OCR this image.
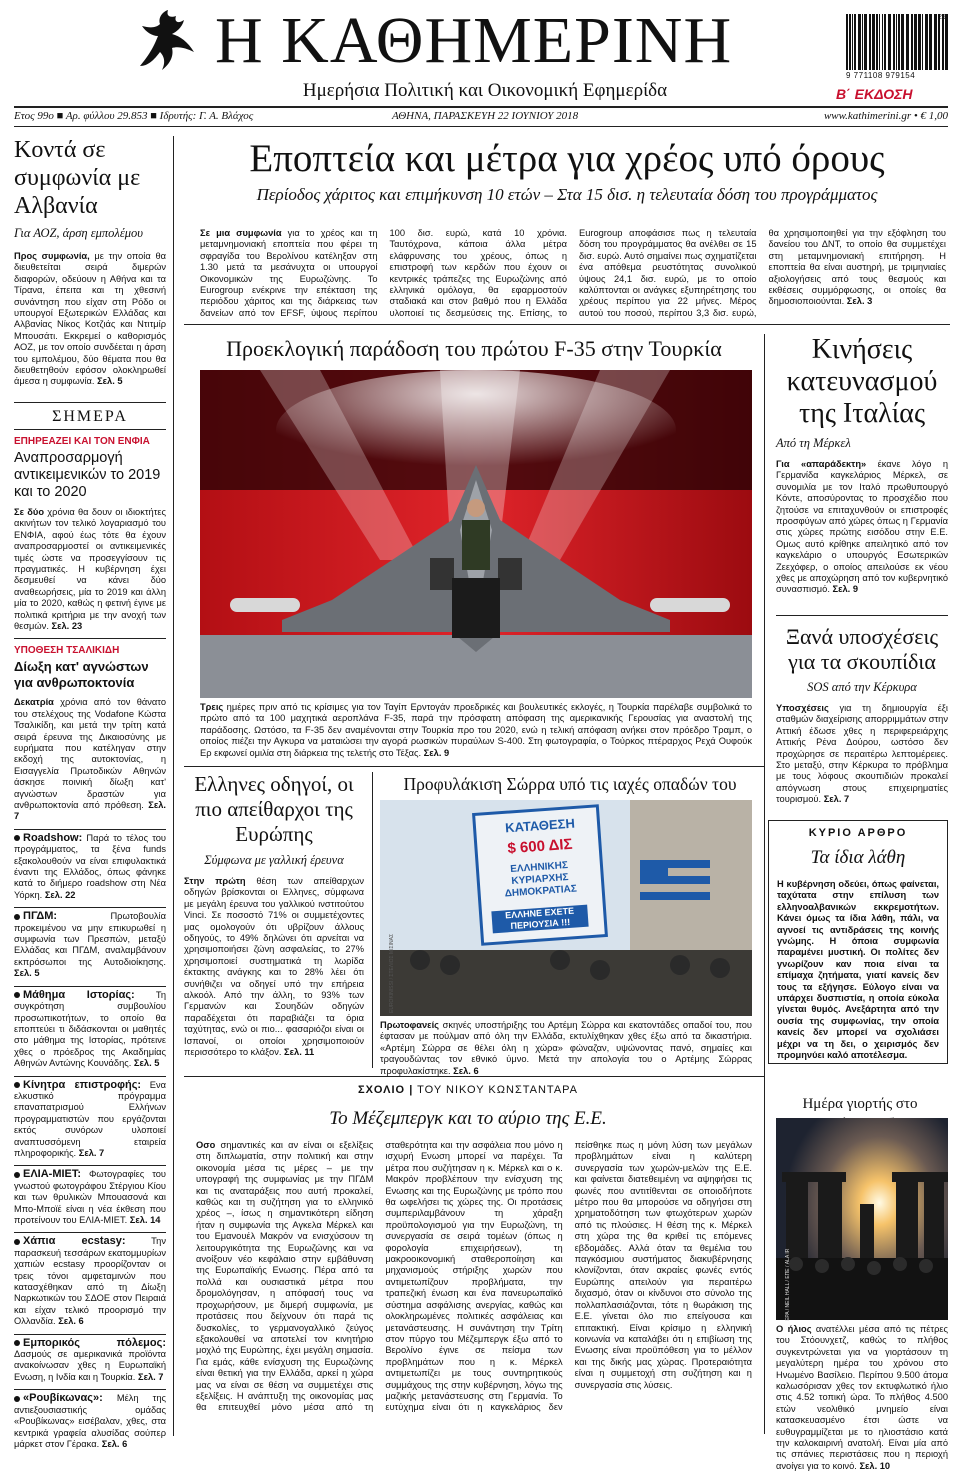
Η ΚΑΘΗΜΕΡΙΝΗ
Ημερήσια Πολιτική και Οικονομική Εφημερίδα
25
9 771108 979154
Β΄ ΕΚΔΟΣΗ
Ετος 99ο ■ Αρ. φύλλου 29.853 ■ Ιδρυτής: Γ. Α. Βλάχος	ΑΘΗΝΑ, ΠΑΡΑΣΚΕΥΗ 22 ΙΟΥΝΙΟΥ 2018	www.kathimerini.gr • € 1,00
Κοντά σε συμφωνία με Αλβανία
Για ΑΟΖ, άρση εμπολέμου
Προς συμφωνία, με την οποία θα διευθετείται σειρά διμερών διαφορών, οδεύουν η Αθήνα και τα Τίρανα, έπειτα και τη χθεσινή συνάντηση που είχαν στη Ρόδο οι υπουργοί Εξωτερικών Ελλάδας και Αλβανίας Νίκος Κοτζιάς και Ντιτμίρ Μπουσάτι. Εκκρεμεί ο καθορισμός ΑΟΖ, με τον οποίο συνδέεται η άρση του εμπολέμου, δύο θέματα που θα διευθετηθούν εφόσον ολοκληρωθεί άμεσα η συμφωνία. Σελ. 5
ΣΗΜΕΡΑ
ΕΠΗΡΕΑΖΕΙ ΚΑΙ ΤΟΝ ΕΝΦΙΑ
Αναπροσαρμογή αντικειμενικών το 2019 και το 2020
Σε δύο χρόνια θα δουν οι ιδιοκτήτες ακινήτων τον τελικό λογαριασμό του ΕΝΦΙΑ, αφού έως τότε θα έχουν αναπροσαρμοστεί οι αντικειμενικές τιμές ώστε να προσεγγίσουν τις πραγματικές. Η κυβέρνηση έχει δεσμευθεί να κάνει δύο αναθεωρήσεις, μία το 2019 και άλλη μία το 2020, καθώς η φετινή έγινε με πολιτικά κριτήρια με την ανοχή των θεσμών. Σελ. 23
ΥΠΟΘΕΣΗ ΤΣΑΛΙΚΙΔΗ
Δίωξη κατ' αγνώστων για ανθρωποκτονία
Δεκατρία χρόνια από τον θάνατο του στελέχους της Vodafone Κώστα Τσαλικίδη, και μετά την τρίτη κατά σειρά έρευνα της Δικαιοσύνης με ευρήματα που κατέληγαν στην εκδοχή της αυτοκτονίας, η Εισαγγελία Πρωτοδικών Αθηνών άσκησε ποινική δίωξη κατ' αγνώστων δραστών για ανθρωποκτονία από πρόθεση. Σελ. 7
Roadshow: Παρά το τέλος του προγράμματος, τα ξένα funds εξακολουθούν να είναι επιφυλακτικά έναντι της Ελλάδος, όπως φάνηκε κατά το διήμερο roadshow στη Νέα Υόρκη. Σελ. 22
ΠΓΔΜ: Πρωτοβουλία προκειμένου να μην επικυρωθεί η συμφωνία των Πρεσπών, μεταξύ Ελλάδας και ΠΓΔΜ, αναλαμβάνουν εκπρόσωποι της Αυτοδιοίκησης. Σελ. 5
Μάθημα Ιστορίας: Τη συγκρότηση συμβουλίου προσωπικοτήτων, το οποίο θα εποπτεύει τι διδάσκονται οι μαθητές στο μάθημα της Ιστορίας, πρότεινε χθες ο πρόεδρος της Ακαδημίας Αθηνών Αντώνης Κουνάδης. Σελ. 5
Κίνητρα επιστροφής: Ενα ελκυστικό πρόγραμμα επαναπατρισμού Ελλήνων προγραμματιστών που εργάζονται εκτός συνόρων υλοποιεί αναπτυσσόμενη εταιρεία πληροφορικής. Σελ. 7
ΕΛΙΑ-ΜΙΕΤ: Φωτογραφίες του γνωστού φωτογράφου Στέργιου Κίου και των θρυλικών Μπουασονά και Μπο-Μποϊέ είναι η νέα έκθεση που προτείνουν του ΕΛΙΑ-ΜΙΕΤ. Σελ. 14
Χάπια ecstasy: Την παρασκευή τεσσάρων εκατομμυρίων χαπιών ecstasy προορίζονταν οι τρεις τόνοι αμφεταμινών που κατασχέθηκαν από τη Δίωξη Ναρκωτικών του ΣΔΟΕ στον Πειραιά και είχαν τελικό προορισμό την Ολλανδία. Σελ. 6
Εμπορικός πόλεμος: Δασμούς σε αμερικανικά προϊόντα ανακοίνωσαν χθες η Ευρωπαϊκή Ενωση, η Ινδία και η Τουρκία. Σελ. 7
«Ρουβίκωνας»: Μέλη της αντιεξουσιαστικής ομάδας «Ρουβίκωνας» εισέβαλαν, χθες, στα κεντρικά γραφεία αλυσίδας σούπερ μάρκετ στον Γέρακα. Σελ. 6
Εποπτεία και μέτρα για χρέος υπό όρους
Περίοδος χάριτος και επιμήκυνση 10 ετών – Στα 15 δισ. η τελευταία δόση του προγράμματος
Σε μια συμφωνία για το χρέος και τη μεταμνημονιακή εποπτεία που φέρει τη σφραγίδα του Βερολίνου κατέληξαν στη 1.30 μετά τα μεσάνυχτα οι υπουργοί Οικονομικών της Ευρωζώνης. Το Eurogroup ενέκρινε την επέκταση της περιόδου χάριτος και της διάρκειας των δανείων από τον EFSF, ύψους περίπου 100 δισ. ευρώ, κατά 10 χρόνια. Ταυτόχρονα, κάποια άλλα μέτρα ελάφρυνσης του χρέους, όπως η επιστροφή των κερδών που έχουν οι κεντρικές τράπεζες της Ευρωζώνης από ελληνικά ομόλογα, θα εφαρμοστούν σταδιακά και στον βαθμό που η Ελλάδα υλοποιεί τις δεσμεύσεις της. Επίσης, το Eurogroup αποφάσισε πως η τελευταία δόση του προγράμματος θα ανέλθει σε 15 δισ. ευρώ. Αυτό σημαίνει πως σχηματίζεται ένα απόθεμα ρευστότητας συνολικού ύψους 24,1 δισ. ευρώ, με το οποίο καλύπτονται οι ανάγκες εξυπηρέτησης του χρέους περίπου για 22 μήνες. Μέρος αυτού του ποσού, περίπου 3,3 δισ. ευρώ, θα χρησιμοποιηθεί για την εξόφληση του δανείου του ΔΝΤ, το οποίο θα συμμετέχει στη μεταμνημονιακή επιτήρηση. Η εποπτεία θα είναι αυστηρή, με τριμηνιαίες αξιολογήσεις από τους θεσμούς και εκθέσεις συμμόρφωσης, οι οποίες θα δημοσιοποιούνται. Σελ. 3
Προεκλογική παράδοση του πρώτου F-35 στην Τουρκία
Τρεις ημέρες πριν από τις κρίσιμες για τον Ταγίπ Ερντογάν προεδρικές και βουλευτικές εκλογές, η Τουρκία παρέλαβε συμβολικά το πρώτο από τα 100 μαχητικά αεροπλάνα F-35, παρά την πρόσφατη απόφαση της αμερικανικής Γερουσίας για αναστολή της παράδοσης. Ωστόσο, τα F-35 δεν αναμένονται στην Τουρκία προ του 2020, ενώ η τελική απόφαση ανήκει στον πρόεδρο Τραμπ, ο οποίος πιέζει την Αγκυρα να ματαιώσει την αγορά ρωσικών πυραύλων S-400. Στη φωτογραφία, ο Τούρκος πτέραρχος Ρεχά Ουφούκ Ερ εκφωνεί ομιλία στη διάρκεια της τελετής στο Τέξας. Σελ. 9
Κινήσεις κατευνασμού της Ιταλίας
Από τη Μέρκελ
Για «απαράδεκτη» έκανε λόγο η Γερμανίδα καγκελάριος Μέρκελ, σε συνομιλία με τον Ιταλό πρωθυπουργό Κόντε, αποσύροντας το προσχέδιο που ζητούσε να επιταχυνθούν οι επιστροφές προσφύγων από χώρες όπως η Γερμανία στις χώρες πρώτης εισόδου στην Ε.Ε. Ομως αυτό κρίθηκε απειλητικό από τον καγκελάριο ο υπουργός Εσωτερικών Ζεεχόφερ, ο οποίος απειλούσε εκ νέου χθες με αποχώρηση από τον κυβερνητικό συνασπισμό. Σελ. 9
Ξανά υποσχέσεις για τα σκουπίδια
SOS από την Κέρκυρα
Υποσχέσεις για τη δημιουργία έξι σταθμών διαχείρισης απορριμμάτων στην Αττική έδωσε χθες η περιφερειάρχης Αττικής Ρένα Δούρου, ωστόσο δεν προχώρησε σε περαιτέρω λεπτομέρειες. Στο μεταξύ, στην Κέρκυρα το πρόβλημα με τους λόφους σκουπιδιών προκαλεί απόγνωση στους επιχειρηματίες τουρισμού. Σελ. 7
ΚΥΡΙΟ ΑΡΘΡΟ
Τα ίδια λάθη
Η κυβέρνηση οδεύει, όπως φαίνεται, ταχύτατα στην επίλυση των ελληνοαλβανικών εκκρεμοτήτων. Κάνει όμως τα ίδια λάθη, πάλι, να αγνοεί τις αντιδράσεις της κοινής γνώμης. Η όποια συμφωνία παραμένει μυστική. Οι πολίτες δεν γνωρίζουν καν ποια είναι τα επίμαχα ζητήματα, γιατί κανείς δεν τους τα εξήγησε. Εύλογο είναι να υπάρχει δυσπιστία, η οποία εύκολα γίνεται θυμός. Ανεξάρτητα από την ουσία της συμφωνίας, την οποία κανείς δεν μπορεί να σχολιάσει μέχρι να τη δει, ο χειρισμός δεν προμηνύει καλό αποτέλεσμα.
Ελληνες οδηγοί, οι πιο απείθαρχοι της Ευρώπης
Σύμφωνα με γαλλική έρευνα
Στην πρώτη θέση των απείθαρχων οδηγών βρίσκονται οι Ελληνες, σύμφωνα με μεγάλη έρευνα του γαλλικού ινστιτούτου Vinci. Σε ποσοστό 71% οι συμμετέχοντες μας ομολογούν ότι υβρίζουν άλλους οδηγούς, το 49% δηλώνει ότι αρνείται να χρησιμοποιήσει ζώνη ασφαλείας, το 27% χρησιμοποιεί συστηματικά τη λωρίδα έκτακτης ανάγκης και το 28% λέει ότι συνήθιζει να οδηγεί υπό την επήρεια αλκοόλ. Από την άλλη, το 93% των Γερμανών και Σουηδών οδηγών παραδέχεται ότι παραβιάζει τα όρια ταχύτητας, ενώ οι πιο... φασαριόζοι είναι οι Ισπανοί, οι οποίοι χρησιμοποιούν περισσότερο το κλάξον. Σελ. 11
Προφυλάκιση Σώρρα υπό τις ιαχές οπαδών του
ΚΑΤΑΘΕΣΗ
$ 600 ΔΙΣ
ΕΛΛΗΝΙΚΗΣ ΚΥΡΙΑΡΧΗΣ ΔΗΜΟΚΡΑΤΙΑΣ
ΕΛΛΗΝΕ ΕΧΕΤΕ ΠΕΡΙΟΥΣΙΑ !!!
EUROKINISSI / ΣΤΕΛΙΟΣ ΜΙΣΙΝΑΣ
Πρωτοφανείς σκηνές υποστήριξης του Αρτέμη Σώρρα και εκατοντάδες οπαδοί του, που έφτασαν με πούλμαν από όλη την Ελλάδα, εκτυλίχθηκαν χθες έξω από τα δικαστήρια. «Αρτέμη Σώρρα σε θέλει όλη η χώρα» φώναζαν, υψώνοντας πανό, σημαίες και τραγουδώντας τον εθνικό ύμνο. Μετά την απολογία του ο Αρτέμης Σώρρας προφυλακίστηκε. Σελ. 6
ΣΧΟΛΙΟ | ΤΟΥ ΝΙΚΟΥ ΚΩΝΣΤΑΝΤΑΡΑ
Το Μέζεμπεργκ και το αύριο της Ε.Ε.
Οσο σημαντικές και αν είναι οι εξελίξεις στη διπλωματία, στην πολιτική και στην οικονομία μέσα τις μέρες – με την υπογραφή της συμφωνίας με την ΠΓΔΜ και τις αναταράξεις που αυτή προκαλεί, καθώς και τη συζήτηση για το ελληνικό χρέος –, ίσως η σημαντικότερη είδηση ήταν η συμφωνία της Αγκελα Μέρκελ και του Εμανουέλ Μακρόν να ενισχύσουν τη λειτουργικότητα της Ευρωζώνης και να ανοίξουν νέο κεφάλαιο στην εμβάθυνση της Ευρωπαϊκής Ενωσης. Πέρα από τα πολλά και ουσιαστικά μέτρα που δρομολόγησαν, η απόφασή τους να προχωρήσουν, με διμερή συμφωνία, με προτάσεις που δείχνουν ότι παρά τις δυσκολίες, το γερμανογαλλικό ζεύγος εξακολουθεί να αποτελεί τον κινητήριο μοχλό της Ευρώπης, έχει μεγάλη σημασία. Για εμάς, κάθε ενίσχυση της Ευρωζώνης είναι θετική για την Ελλάδα, αρκεί η χώρα μας να είναι σε θέση να συμμετέχει στις εξελίξεις. Η ανάπτυξη της οικονομίας μας θα επιτευχθεί μόνο μέσα από τη σταθερότητα και την ασφάλεια που μόνο η ισχυρή Ενωση μπορεί να παρέχει. Τα μέτρα που συζήτησαν η κ. Μέρκελ και ο κ. Μακρόν προβλέπουν την ενίσχυση της Ενωσης και της Ευρωζώνης με τρόπο που θα ωφελήσει τις χώρες της. Οι προτάσεις συμπεριλαμβάνουν τη χάραξη προϋπολογισμού για την Ευρωζώνη, τη συνεργασία σε σειρά τομέων (όπως η φορολογία επιχειρήσεων), τη μακροοικονομική σταθεροποίηση και μηχανισμούς στήριξης χωρών που αντιμετωπίζουν προβλήματα, την τραπεζική ένωση και ένα πανευρωπαϊκό σύστημα ασφάλισης ανεργίας, καθώς και ολοκληρωμένες πολιτικές ασφάλειας και μετανάστευσης. Η συνάντηση την Τρίτη στον πύργο του Μέζεμπεργκ έξω από το Βερολίνο έγινε σε πείσμα των προβλημάτων που η κ. Μέρκελ αντιμετωπίζει με τους συντηρητικούς συμμάχους της στην κυβέρνηση, λόγω της μαζικής μετανάστευσης στη Γερμανία. Το ευτύχημα είναι ότι η καγκελάριος δεν πείσθηκε πως η μόνη λύση των μεγάλων προβλημάτων είναι η καλύτερη συνεργασία των χωρών-μελών της Ε.Ε. και φαίνεται διατεθειμένη να αψηφήσει τις φωνές που αντιτίθενται σε οποιοδήποτε μέτρο που θα μπορούσε να οδηγήσει στη χρηματοδότηση των φτωχότερων χωρών από τις πλούσιες. Η θέση της κ. Μέρκελ στη χώρα της θα κριθεί τις επόμενες εβδομάδες. Αλλά όταν τα θεμέλια του παγκόσμιου συστήματος διακυβέρνησης κλονίζονται, όταν ακραίες φωνές εντός Ευρώπης απειλούν για περαιτέρω διχασμό, όταν οι κίνδυνοι στο σύνολο της πολλαπλασιάζονται, τότε η θωράκιση της Ε.Ε. γίνεται όλο πιο επείγουσα και επιτακτική. Είναι κρίσιμο η ελληνική κοινωνία να καταλάβει ότι η επιβίωση της Ενωσης είναι προϋπόθεση για το μέλλον και της δικής μας χώρας. Προτεραιότητα είναι η συμμετοχή στη συζήτηση και η συνεργασία στις λύσεις.
Ημέρα γιορτής στο
EPA / NEIL HALL / ΕΠΕ / ALA IR
Ο ήλιος ανατέλλει μέσα από τις πέτρες του Στόουνχετζ, καθώς το πλήθος συγκεντρώνεται για να γιορτάσουν τη μεγαλύτερη ημέρα του χρόνου στο Ηνωμένο Βασίλειο. Περίπου 9.500 άτομα καλωσόρισαν χθες τον εκτυφλωτικό ήλιο στις 4.52 τοπική ώρα. Το πλήθος 4.500 ετών νεολιθικό μνημείο είναι κατασκευασμένο έτσι ώστε να ευθυγραμμίζεται με το ηλιοστάσιο κατά την καλοκαιρινή ανατολή. Είναι μία από τις σπάνιες περιστάσεις που η περιοχή ανοίγει για το κοινό. Σελ. 10
